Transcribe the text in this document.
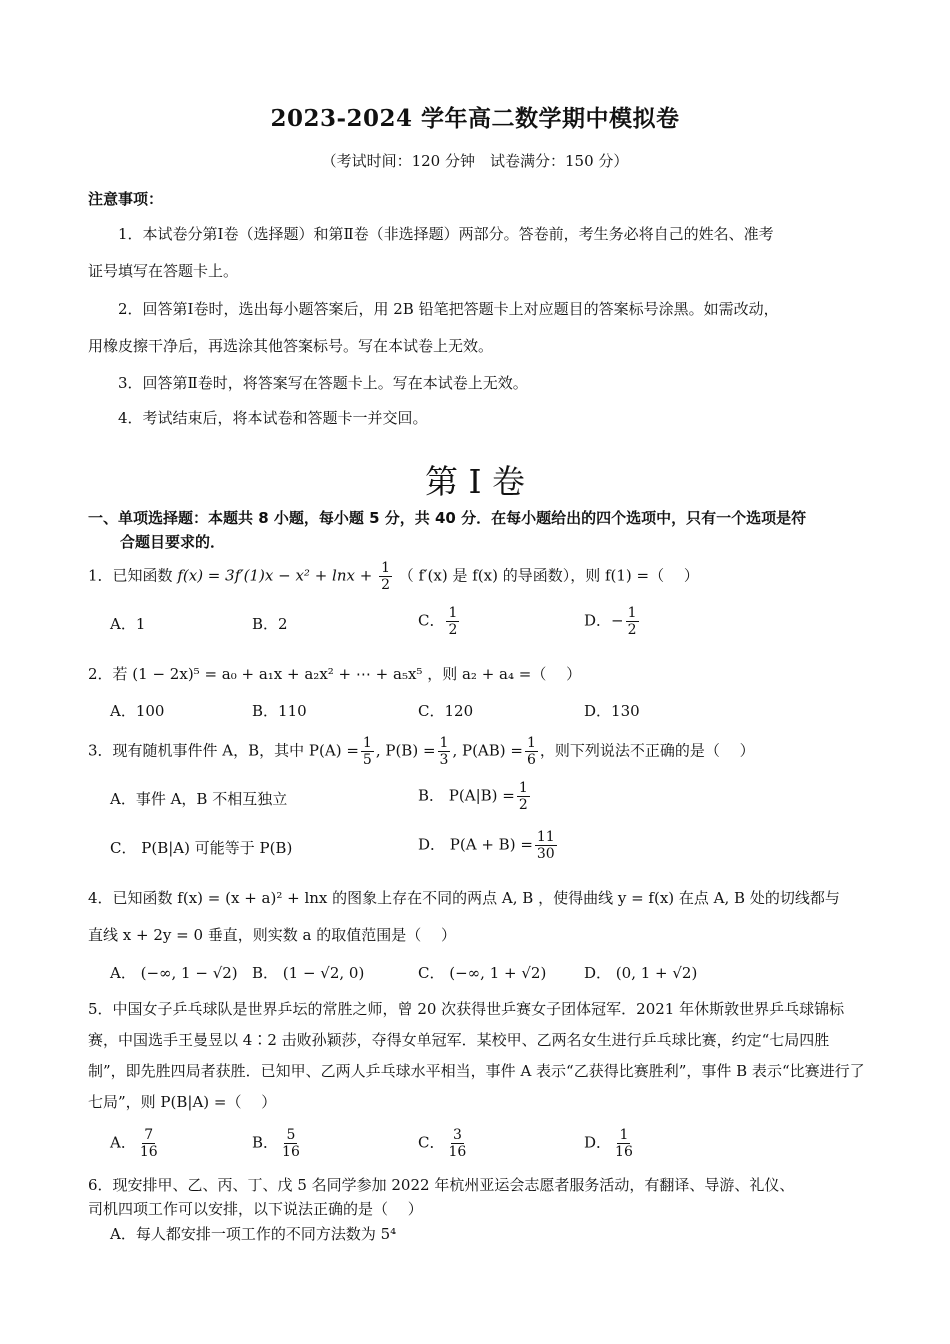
2023-2024 学年高二数学期中模拟卷
（考试时间：120 分钟　试卷满分：150 分）
注意事项：
1．本试卷分第Ⅰ卷（选择题）和第Ⅱ卷（非选择题）两部分。答卷前，考生务必将自己的姓名、准考
证号填写在答题卡上。
2．回答第Ⅰ卷时，选出每小题答案后，用 2B 铅笔把答题卡上对应题目的答案标号涂黑。如需改动，
用橡皮擦干净后，再选涂其他答案标号。写在本试卷上无效。
3．回答第Ⅱ卷时，将答案写在答题卡上。写在本试卷上无效。
4．考试结束后，将本试卷和答题卡一并交回。
第 I 卷
一、单项选择题：本题共 8 小题，每小题 5 分，共 40 分．在每小题给出的四个选项中，只有一个选项是符
合题目要求的．
1．已知函数 $f(x) = 3f'(1)x - x^2 + \ln x + \frac{1}{2}$ （ f′(x) 是 f(x) 的导函数），则 f(1) =（　 ）
A．1	B．2	C． $\frac{1}{2}$	D．− $\frac{1}{2}$
2．若 (1 − 2x)⁵ = a₀ + a₁x + a₂x² + ⋯ + a₅x⁵ ，则 a₂ + a₄ =（　 ）
A．100	B．110	C．120	D．130
3．现有随机事件件 A，B，其中 $P(A) = \frac{1}{5}$ , $P(B) = \frac{1}{3}$ , $P(AB) = \frac{1}{6}$ ，则下列说法不正确的是（　 ）
A．事件 A，B 不相互独立	B． $P(A|B) = \frac{1}{2}$
C． P(B|A) 可能等于 P(B)	D． $P(A + B) = \frac{11}{30}$
4．已知函数 f(x) = (x + a)² + lnx 的图象上存在不同的两点 A, B ，使得曲线 y = f(x) 在点 A, B 处的切线都与
直线 x + 2y = 0 垂直，则实数 a 的取值范围是（　 ）
A． (−∞, 1 − √2) B． (1 − √2, 0)	C． (−∞, 1 + √2)	D． (0, 1 + √2)
5．中国女子乒乓球队是世界乒坛的常胜之师，曾 20 次获得世乒赛女子团体冠军．2021 年休斯敦世界乒乓球锦标赛，中国选手王曼昱以 4∶2 击败孙颖莎，夺得女单冠军．某校甲、乙两名女生进行乒乓球比赛，约定“七局四胜制”，即先胜四局者获胜．已知甲、乙两人乒乓球水平相当，事件 A 表示“乙获得比赛胜利”，事件 B 表示“比赛进行了七局”，则 P(B|A) =（　 ）
A． $\frac{7}{16}$	B． $\frac{5}{16}$	C． $\frac{3}{16}$	D． $\frac{1}{16}$
6．现安排甲、乙、丙、丁、戊 5 名同学参加 2022 年杭州亚运会志愿者服务活动，有翻译、导游、礼仪、
司机四项工作可以安排，以下说法正确的是（　 ）
A．每人都安排一项工作的不同方法数为 5⁴
